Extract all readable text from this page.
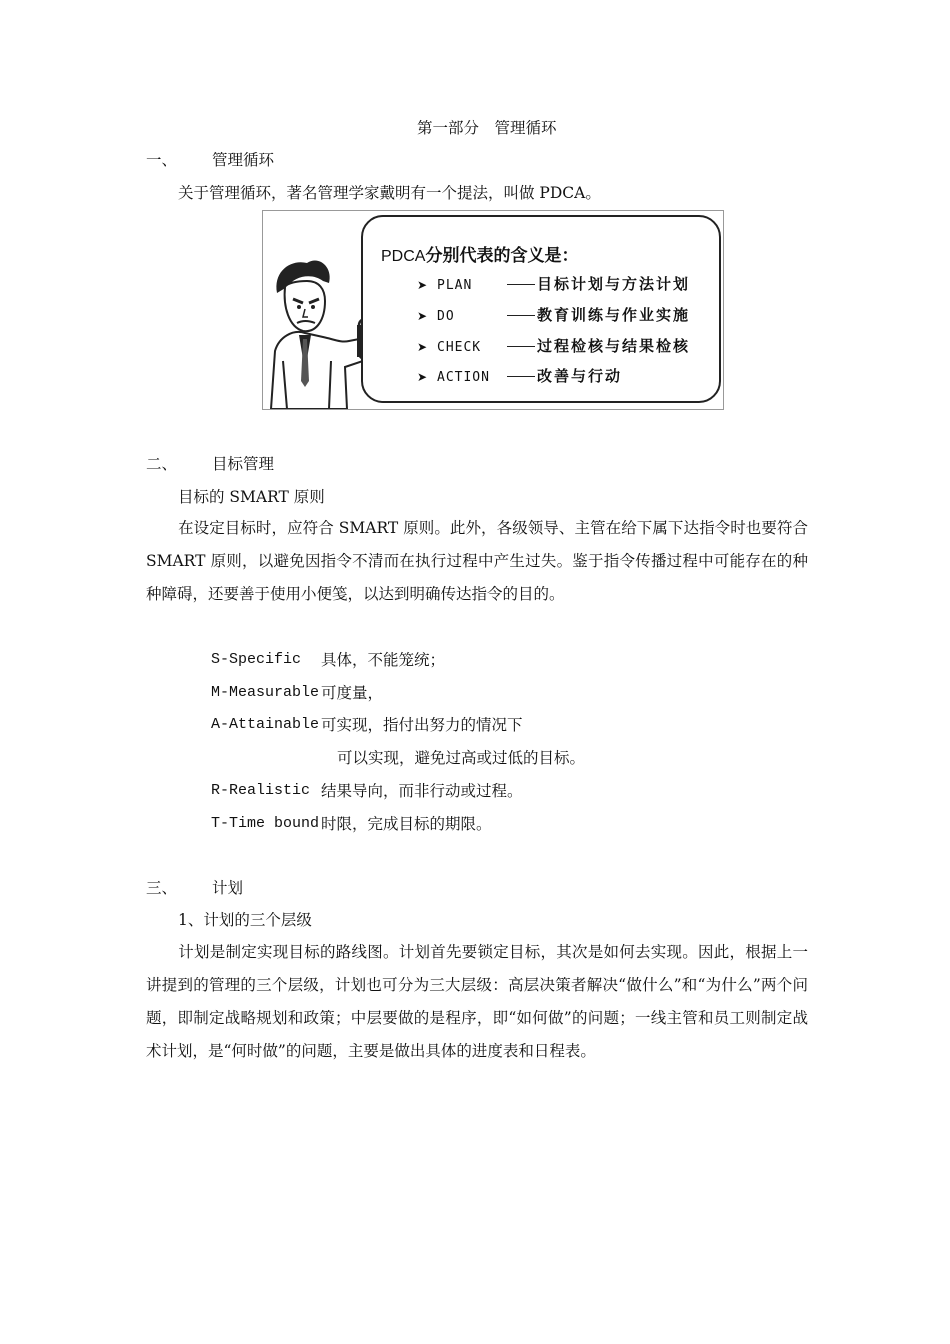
第一部分　管理循环
一、 管理循环
关于管理循环，著名管理学家戴明有一个提法，叫做 PDCA。
PDCA分别代表的含义是：
➤ PLAN	目标计划与方法计划
➤ DO	教育训练与作业实施
➤ CHECK	过程检核与结果检核
➤ ACTION	改善与行动
二、 目标管理
目标的 SMART 原则
在设定目标时，应符合 SMART 原则。此外，各级领导、主管在给下属下达指令时也要符合 SMART 原则，以避免因指令不清而在执行过程中产生过失。鉴于指令传播过程中可能存在的种种障碍，还要善于使用小便笺，以达到明确传达指令的目的。
S-Specific 具体，不能笼统；
M-Measurable 可度量，
A-Attainable 可实现，指付出努力的情况下
可以实现，避免过高或过低的目标。
R-Realistic 结果导向，而非行动或过程。
T-Time bound 时限，完成目标的期限。
三、 计划
1、计划的三个层级
计划是制定实现目标的路线图。计划首先要锁定目标，其次是如何去实现。因此，根据上一讲提到的管理的三个层级，计划也可分为三大层级：高层决策者解决“做什么”和“为什么”两个问题，即制定战略规划和政策；中层要做的是程序，即“如何做”的问题；一线主管和员工则制定战术计划，是“何时做”的问题，主要是做出具体的进度表和日程表。
